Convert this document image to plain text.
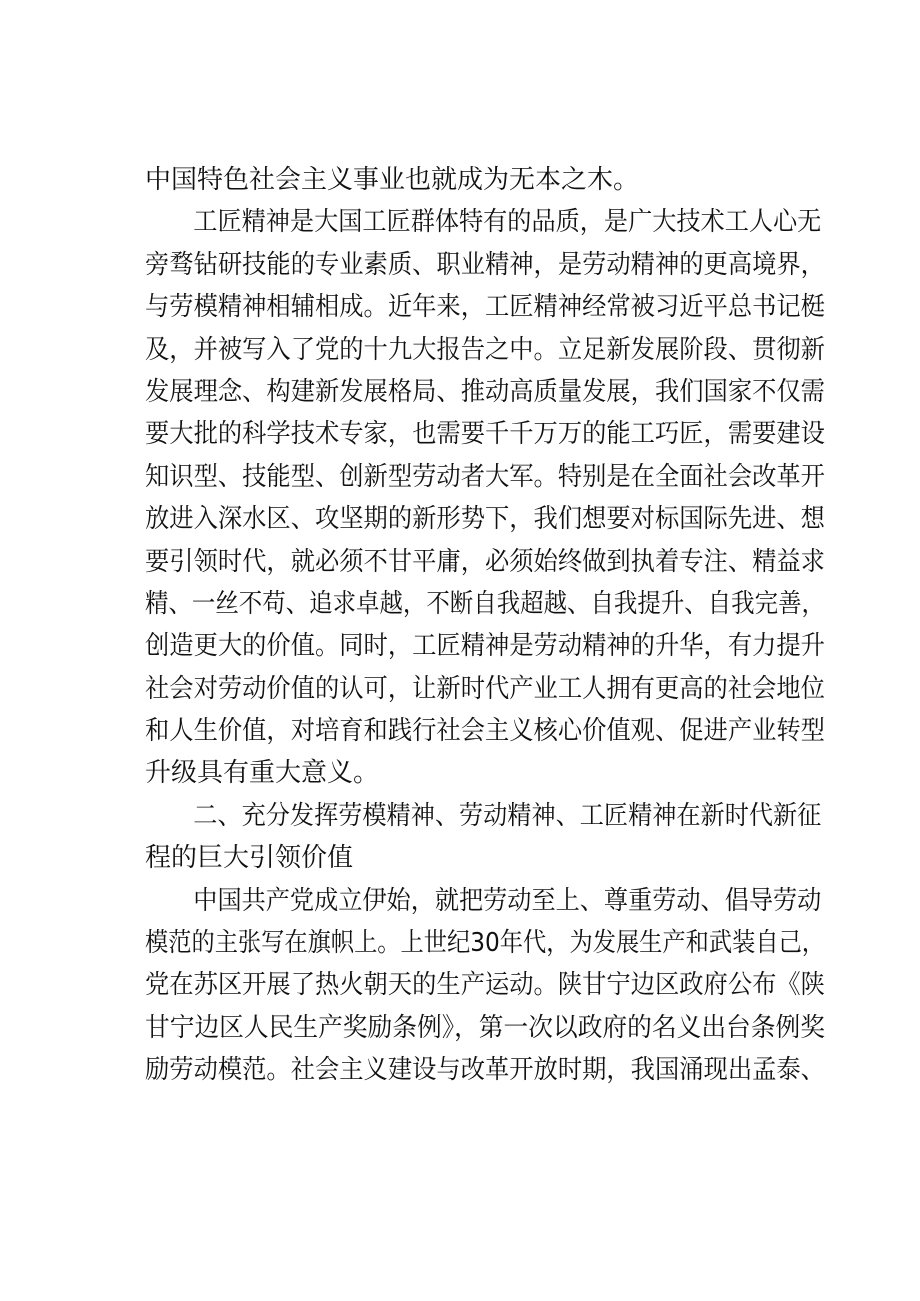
中国特色社会主义事业也就成为无本之木。
工匠精神是大国工匠群体特有的品质，是广大技术工人心无
旁骛钻研技能的专业素质、职业精神，是劳动精神的更高境界，
与劳模精神相辅相成。近年来，工匠精神经常被习近平总书记梃
及，并被写入了党的十九大报告之中。立足新发展阶段、贯彻新
发展理念、构建新发展格局、推动高质量发展，我们国家不仅需
要大批的科学技术专家，也需要千千万万的能工巧匠，需要建设
知识型、技能型、创新型劳动者大军。特别是在全面社会改革开
放进入深水区、攻坚期的新形势下，我们想要对标国际先进、想
要引领时代，就必须不甘平庸，必须始终做到执着专注、精益求
精、一丝不苟、追求卓越，不断自我超越、自我提升、自我完善，
创造更大的价值。同时，工匠精神是劳动精神的升华，有力提升
社会对劳动价值的认可，让新时代产业工人拥有更高的社会地位
和人生价值，对培育和践行社会主义核心价值观、促进产业转型
升级具有重大意义。
二、充分发挥劳模精神、劳动精神、工匠精神在新时代新征
程的巨大引领价值
中国共产党成立伊始，就把劳动至上、尊重劳动、倡导劳动
模范的主张写在旗帜上。上世纪30年代，为发展生产和武装自己，
党在苏区开展了热火朝天的生产运动。陕甘宁边区政府公布《陕
甘宁边区人民生产奖励条例》，第一次以政府的名义出台条例奖
励劳动模范。社会主义建设与改革开放时期，我国涌现出孟泰、
